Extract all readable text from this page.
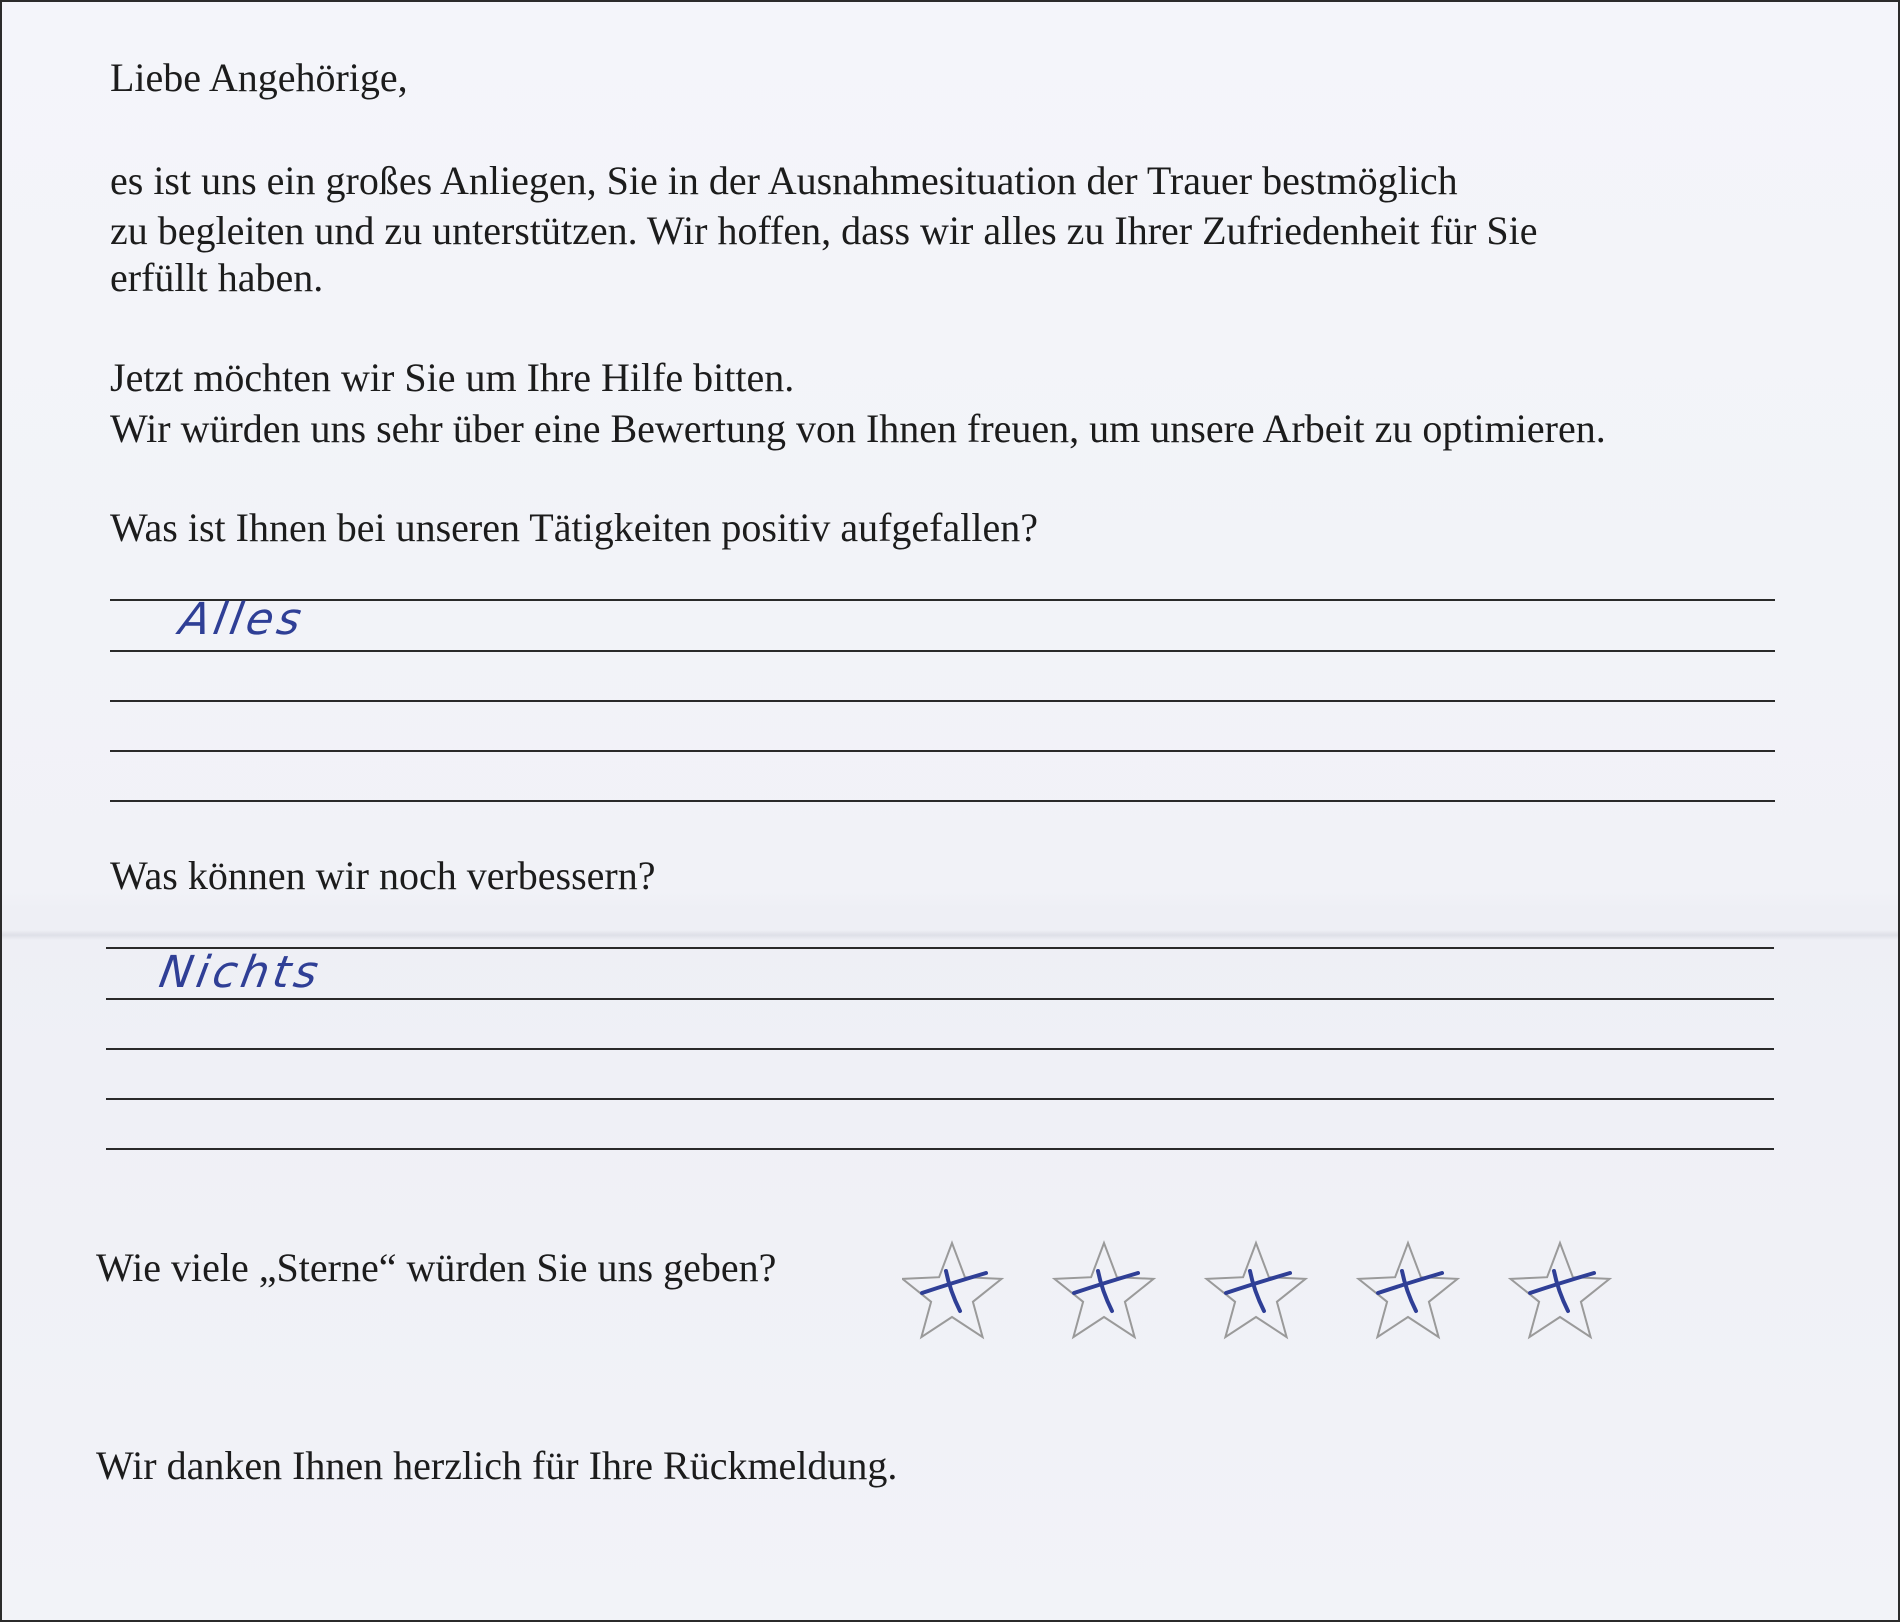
Liebe Angehörige,
es ist uns ein großes Anliegen, Sie in der Ausnahmesituation der Trauer bestmöglich
zu begleiten und zu unterstützen. Wir hoffen, dass wir alles zu Ihrer Zufriedenheit für Sie
erfüllt haben.
Jetzt möchten wir Sie um Ihre Hilfe bitten.
Wir würden uns sehr über eine Bewertung von Ihnen freuen, um unsere Arbeit zu optimieren.
Was ist Ihnen bei unseren Tätigkeiten positiv aufgefallen?
Alles
Was können wir noch verbessern?
Nichts
Wie viele „Sterne“ würden Sie uns geben?
Wir danken Ihnen herzlich für Ihre Rückmeldung.
